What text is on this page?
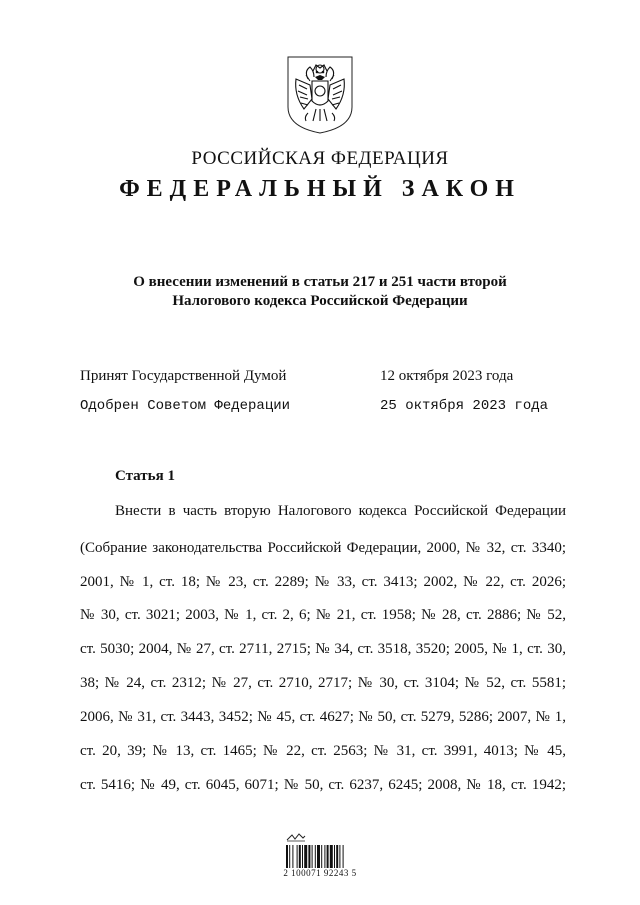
РОССИЙСКАЯ ФЕДЕРАЦИЯ
ФЕДЕРАЛЬНЫЙ ЗАКОН
О внесении изменений в статьи 217 и 251 части второй
Налогового кодекса Российской Федерации
Принят Государственной Думой	12 октября 2023 года
Одобрен Советом Федерации	25 октября 2023 года
Статья 1
Внести в часть вторую Налогового кодекса Российской Федерации
(Собрание законодательства Российской Федерации, 2000, № 32, ст. 3340;
2001, № 1, ст. 18; № 23, ст. 2289; № 33, ст. 3413; 2002, № 22, ст. 2026;
№ 30, ст. 3021; 2003, № 1, ст. 2, 6; № 21, ст. 1958; № 28, ст. 2886; № 52,
ст. 5030; 2004, № 27, ст. 2711, 2715; № 34, ст. 3518, 3520; 2005, № 1, ст. 30,
38; № 24, ст. 2312; № 27, ст. 2710, 2717; № 30, ст. 3104; № 52, ст. 5581;
2006, № 31, ст. 3443, 3452; № 45, ст. 4627; № 50, ст. 5279, 5286; 2007, № 1,
ст. 20, 39; № 13, ст. 1465; № 22, ст. 2563; № 31, ст. 3991, 4013; № 45,
ст. 5416; № 49, ст. 6045, 6071; № 50, ст. 6237, 6245; 2008, № 18, ст. 1942;
2 100071 92243 5
